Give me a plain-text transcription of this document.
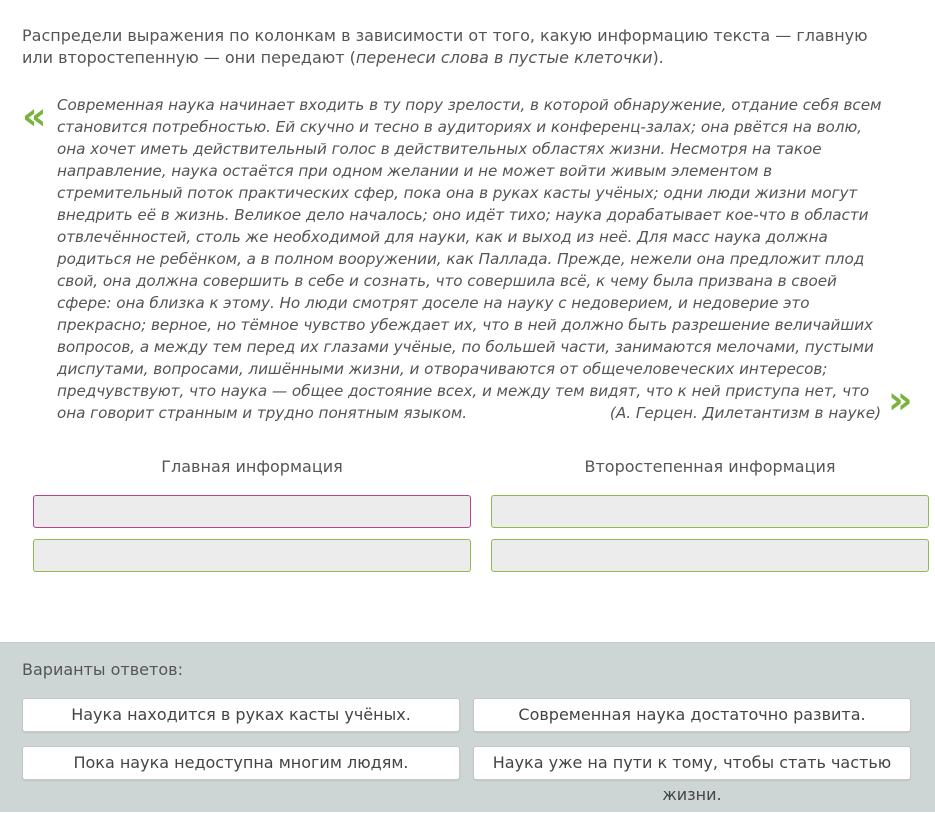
Распредели выражения по колонкам в зависимости от того, какую информацию текста — главную или второстепенную — они передают (перенеси слова в пустые клеточки).
« Современная наука начинает входить в ту пору зрелости, в которой обнаружение, отдание себя всем становится потребностью. Ей скучно и тесно в аудиториях и конференц-залах; она рвётся на волю, она хочет иметь действительный голос в действительных областях жизни. Несмотря на такое направление, наука остаётся при одном желании и не может войти живым элементом в стремительный поток практических сфер, пока она в руках касты учёных; одни люди жизни могут внедрить её в жизнь. Великое дело началось; оно идёт тихо; наука дорабатывает кое-что в области отвлечённостей, столь же необходимой для науки, как и выход из неё. Для масс наука должна родиться не ребёнком, а в полном вооружении, как Паллада. Прежде, нежели она предложит плод свой, она должна совершить в себе и сознать, что совершила всё, к чему была призвана в своей сфере: она близка к этому. Но люди смотрят доселе на науку с недоверием, и недоверие это прекрасно; верное, но тёмное чувство убеждает их, что в ней должно быть разрешение величайших вопросов, а между тем перед их глазами учёные, по большей части, занимаются мелочами, пустыми диспутами, вопросами, лишёнными жизни, и отворачиваются от общечеловеческих интересов; предчувствуют, что наука — общее достояние всех, и между тем видят, что к ней приступа нет, что она говорит странным и трудно понятным языком.	(А. Герцен. Дилетантизм в науке) »
Главная информация	Второстепенная информация
Варианты ответов:
Наука находится в руках касты учёных.	Современная наука достаточно развита.
Пока наука недоступна многим людям.	Наука уже на пути к тому, чтобы стать частью жизни.
